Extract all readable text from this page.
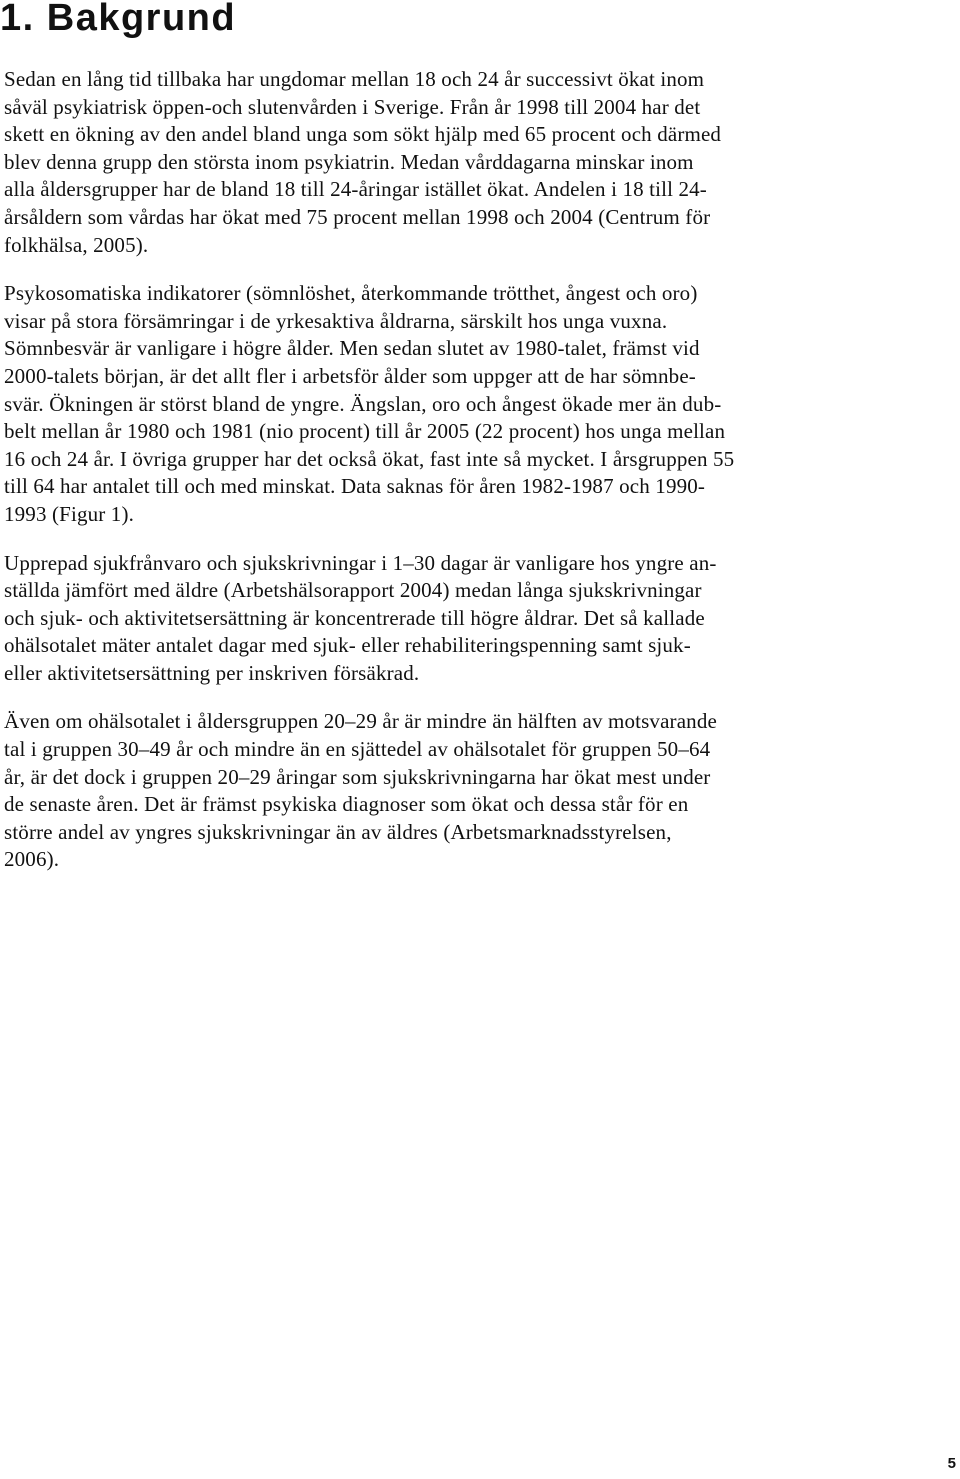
1. Bakgrund

Sedan en lång tid tillbaka har ungdomar mellan 18 och 24 år successivt ökat inom
såväl psykiatrisk öppen-och slutenvården i Sverige. Från år 1998 till 2004 har det
skett en ökning av den andel bland unga som sökt hjälp med 65 procent och därmed
blev denna grupp den största inom psykiatrin. Medan vårddagarna minskar inom
alla åldersgrupper har de bland 18 till 24-åringar istället ökat. Andelen i 18 till 24-
årsåldern som vårdas har ökat med 75 procent mellan 1998 och 2004 (Centrum för
folkhälsa, 2005).

Psykosomatiska indikatorer (sömnlöshet, återkommande trötthet, ångest och oro)
visar på stora försämringar i de yrkesaktiva åldrarna, särskilt hos unga vuxna.
Sömnbesvär är vanligare i högre ålder. Men sedan slutet av 1980-talet, främst vid
2000-talets början, är det allt fler i arbetsför ålder som uppger att de har sömnbe-
svär. Ökningen är störst bland de yngre. Ängslan, oro och ångest ökade mer än dub-
belt mellan år 1980 och 1981 (nio procent) till år 2005 (22 procent) hos unga mellan
16 och 24 år. I övriga grupper har det också ökat, fast inte så mycket. I årsgruppen 55
till 64 har antalet till och med minskat. Data saknas för åren 1982-1987 och 1990-
1993 (Figur 1).

Upprepad sjukfrånvaro och sjukskrivningar i 1–30 dagar är vanligare hos yngre an-
ställda jämfört med äldre (Arbetshälsorapport 2004) medan långa sjukskrivningar
och sjuk- och aktivitetsersättning är koncentrerade till högre åldrar. Det så kallade
ohälsotalet mäter antalet dagar med sjuk- eller rehabiliteringspenning samt sjuk-
eller aktivitetsersättning per inskriven försäkrad.

Även om ohälsotalet i åldersgruppen 20–29 år är mindre än hälften av motsvarande
tal i gruppen 30–49 år och mindre än en sjättedel av ohälsotalet för gruppen 50–64
år, är det dock i gruppen 20–29 åringar som sjukskrivningarna har ökat mest under
de senaste åren. Det är främst psykiska diagnoser som ökat och dessa står för en
större andel av yngres sjukskrivningar än av äldres (Arbetsmarknadsstyrelsen,
2006).

5
